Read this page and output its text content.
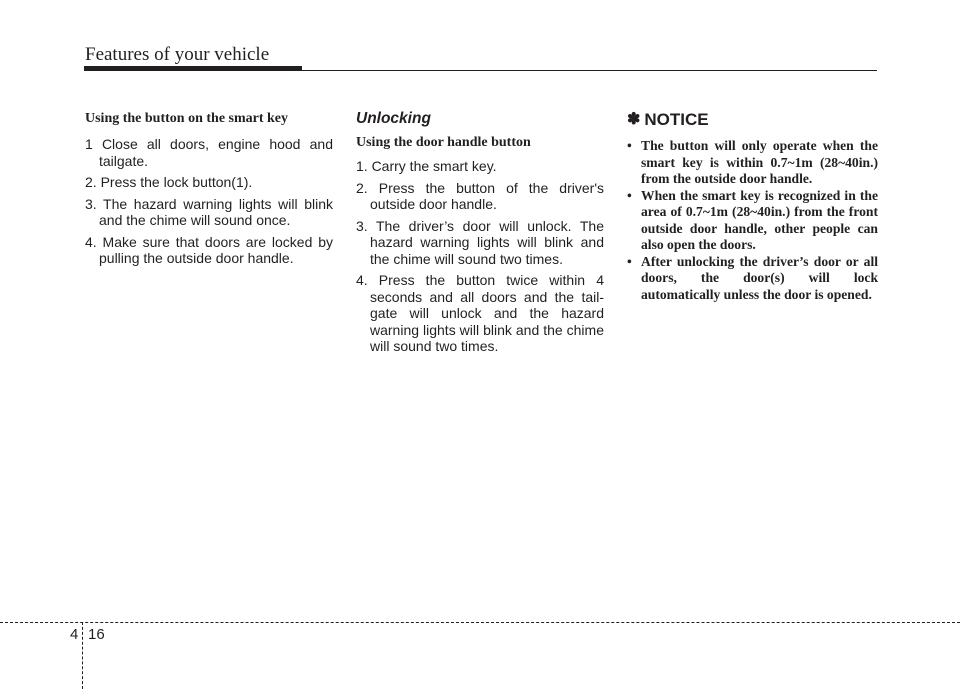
Features of your vehicle
Using the button on the smart key
1 Close all doors, engine hood and tailgate.
2. Press the lock button(1).
3. The hazard warning lights will blink and the chime will sound once.
4. Make sure that doors are locked by pulling the outside door handle.
Unlocking
Using the door handle button
1. Carry the smart key.
2. Press the button of the driver's outside door handle.
3. The driver’s door will unlock. The hazard warning lights will blink and the chime will sound two times.
4. Press the button twice within 4 seconds and all doors and the tail-gate will unlock and the hazard warning lights will blink and the chime will sound two times.
✽ NOTICE
• The button will only operate when the smart key is within 0.7~1m (28~40in.) from the outside door handle.
• When the smart key is recognized in the area of 0.7~1m (28~40in.) from the front outside door handle, other people can also open the doors.
• After unlocking the driver’s door or all doors, the door(s) will lock automatically unless the door is opened.
4 16
